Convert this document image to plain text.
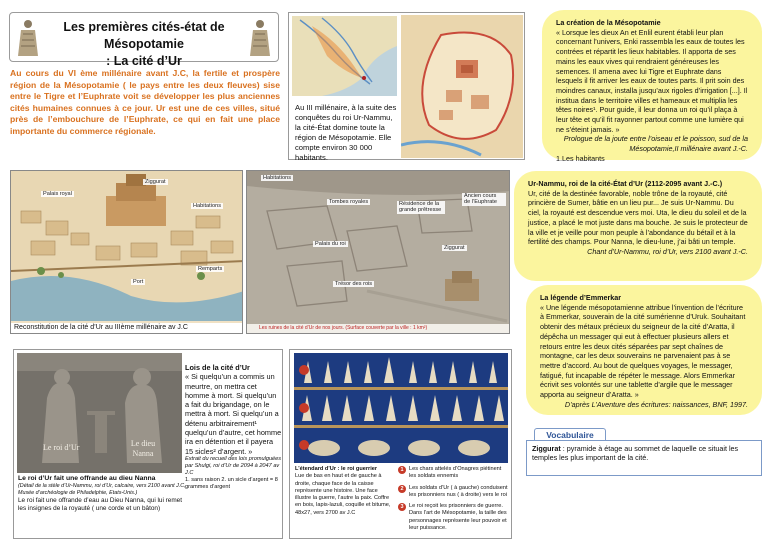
Les premières cités-état de Mésopotamie
: La cité d’Ur
Au cours du VI ème millénaire avant J.C, la fertile et prospère région de la Mésopotamie ( le pays entre les deux fleuves) sise entre le Tigre et l’Euphrate voit se développer les plus anciennes cités humaines connues à ce jour. Ur est une de ces villes, situé près de l’embouchure de l’Euphrate, ce qui en fait une place importante du commerce régionale.
Au III millénaire, à la suite des conquêtes du roi Ur-Nammu, la cité-État domine toute la région de Mésopotamie. Elle compte environ 30 000 habitants.
La création de la Mésopotamie
« Lorsque les dieux An et Enlil eurent établi leur plan concernant l’univers, Enki rassembla les eaux de toutes les contrées et répartit les lieux habitables. Il apporta de ses mains les eaux vives qui rendraient généreuses les semences. Il amena avec lui Tigre et Euphrate dans lesquels il fit arriver les eaux de toutes parts. Il prit soin des moindres canaux, installa jusqu’aux rigoles d’irrigation [...]. Il institua dans le territoire villes et hameaux et multiplia les têtes noires¹. Pour guide, il leur donna un roi qu’il plaça à leur tête et qu’il fit rayonner partout comme une lumière qui ne s’éteint jamais. »
Prologue de la joute entre l’oiseau et le poisson, sud de la Mésopotamie,II millénaire avant J.-C.
1.Les habitants
Ur-Nammu, roi de la cité-État d’Ur (2112-2095 avant J.-C.)
Ur, cité de la destinée favorable, noble trône de la royauté, cité princière de Sumer, bâtie en un lieu pur... Je suis Ur-Nammu. Du ciel, la royauté est descendue vers moi. Uta, le dieu du soleil et de la justice, a placé le mot juste dans ma bouche. Je suis le protecteur de la ville et je veille pour mon peuple à l’abondance du bétail et à la fertilité des champs. Pour Nanna, le dieu-lune, j’ai bâti un temple.
Chant d’Ur-Nammu, roi d’Ur, vers 2100 avant J.-C.
La légende d’Emmerkar
« Une légende mésopotamienne attribue l’invention de l’écriture à Emmerkar, souverain de la cité sumérienne d’Uruk. Souhaitant obtenir des métaux précieux du seigneur de la cité d’Aratta, il dépêcha un messager qui eut à effectuer plusieurs allers et retours entre les deux cités séparées par sept chaînes de montagne, car les deux souverains ne parvenaient pas à se mettre d’accord. Au bout de quelques voyages, le messager, fatigué, fut incapable de répéter le message. Alors Emmerkar écrivit ses volontés sur une tablette d’argile que le messager apporta au seigneur d’Aratta. »
D’après L’Aventure des écritures: naissances, BNF, 1997.
Ziggurat
Palais royal
Port
Habitations
Remparts
Reconstitution de la cité d’Ur au IIIème millénaire av J.C
Habitations
Tombes royales	Résidence de la grande prêtresse
Ancien cours de l’Euphrate
Palais du roi
Ziggurat
Trésor des rois
Les ruines de la cité d’Ur de nos jours. (Surface couverte par la ville : 1 km²)
Le roi d’Ur	Le dieu Nanna
Le roi d’Ur fait une offrande au dieu Nanna
(Détail de la stèle d’Ur-Nammu, roi d’Ur, calcaire, vers 2100 avant J.C, Musée d’archéologie de Philadelphie, Etats-Unis.)
Le roi fait une offrande d’eau au Dieu Nanna, qui lui remet les insignes de la royauté ( une corde et un bâton)
Lois de la cité d’Ur
« Si quelqu’un a commis un meurtre, on mettra cet homme à mort. Si quelqu’un a fait du brigandage, on le mettra à mort. Si quelqu’un a détenu arbitrairement¹ quelqu’un d’autre, cet homme ira en détention et il payera 15 sicles² d’argent. »
Extrait du recueil des lois promulguées par Shulgi, roi d’Ur de 2094 à 2047 av J.C
1. sans raison 2. un sicle d’argent = 8 grammes d’argent
L’étendard d’Ur : le roi guerrier
Lue de bas en haut et de gauche à droite, chaque face de la caisse représente une histoire. Une face illustre la guerre, l’autre la paix. Coffre en bois, lapis-lazuli, coquille et bitume, 48x27, vers 2700 av J.C
1 Les chars attelés d’Onagres piétinent les soldats ennemis
2 Les soldats d’Ur ( à gauche) conduisent les prisonniers nus ( à droite) vers le roi
3 Le roi reçoit les prisonniers de guerre. Dans l’art de Mésopotamie, la taille des personnages représente leur pouvoir et leur puissance.
Vocabulaire
Ziggurat : pyramide à étage au sommet de laquelle ce situait les temples les plus important de la cité.
